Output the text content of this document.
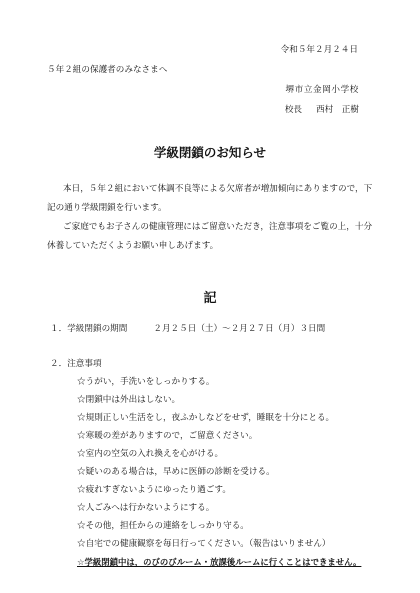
令和５年２月２４日
５年２組の保護者のみなさまへ
堺市立金岡小学校
校長 西村　正樹
学級閉鎖のお知らせ
本日，５年２組において体調不良等による欠席者が増加傾向にありますので，下記の通り学級閉鎖を行います。
ご家庭でもお子さんの健康管理にはご留意いただき，注意事項をご覧の上，十分休養していただくようお願い申しあげます。
記
１．学級閉鎖の期間	２月２５日（土）～２月２７日（月）３日間
２．注意事項
☆うがい，手洗いをしっかりする。
☆閉鎖中は外出はしない。
☆規則正しい生活をし，夜ふかしなどをせず，睡眠を十分にとる。
☆寒暖の差がありますので，ご留意ください。
☆室内の空気の入れ換えを心がける。
☆疑いのある場合は，早めに医師の診断を受ける。
☆疲れすぎないようにゆったり過ごす。
☆人ごみへは行かないようにする。
☆その他，担任からの連絡をしっかり守る。
☆自宅での健康観察を毎日行ってください。（報告はいりません）
☆学級閉鎖中は，のびのびルーム・放課後ルームに行くことはできません。
